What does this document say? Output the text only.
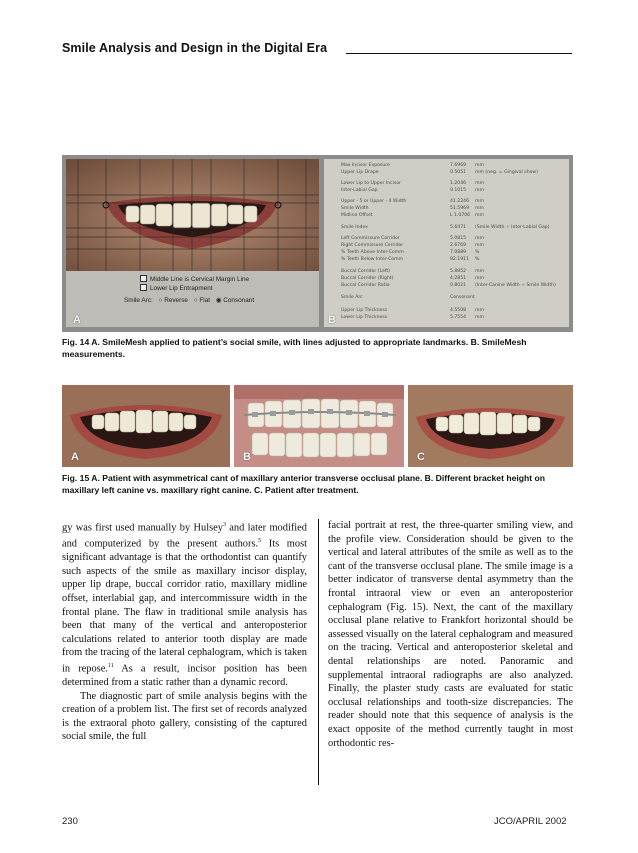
Smile Analysis and Design in the Digital Era
Middle Line is Cervical Margin Line
Lower Lip Entrapment
Smile Arc: ○ Reverse ○ Flat ◉ Consonant
A
Max Incisor Exposure	7.6969 mm
Upper Lip Drape	0.5051 mm (neg. = Gingival show)
Lower Lip to Upper Incisor	1.2046 mm
Inter-Labial Gap	9.1015 mm
Upper - 5 or Upper - 4 Width	41.2246 mm
Smile Width	51.5969 mm
Midline Offset	L 1.0706 mm
Smile Index	5.6471 (Smile Width ÷ Inter-Labial Gap)
Left Commissure Corridor	5.0815 mm
Right Commissure Corridor	2.6769 mm
% Teeth Above Inter-Comm	7.0889 %
% Teeth Below Inter-Comm	92.1911 %
Buccal Corridor (Left)	5.8852 mm
Buccal Corridor (Right)	4.2851 mm
Buccal Corridor Ratio	0.8021 (Inter-Canine Width ÷ Smile Width)
Smile Arc	Consonant
Upper Lip Thickness	4.5508 mm
Lower Lip Thickness	5.7554 mm
B
Fig. 14 A. SmileMesh applied to patient’s social smile, with lines adjusted to appropriate landmarks. B. SmileMesh measurements.
A	B	C
Fig. 15 A. Patient with asymmetrical cant of maxillary anterior transverse occlusal plane. B. Different bracket height on maxillary left canine vs. maxillary right canine. C. Patient after treatment.

gy was first used manually by Hulsey$^3$ and later modified and computerized by the present authors.$^5$ Its most significant advantage is that the orthodontist can quantify such aspects of the smile as maxillary incisor display, upper lip drape, buccal corridor ratio, maxillary midline offset, interlabial gap, and intercommissure width in the frontal plane. The flaw in traditional smile analysis has been that many of the vertical and anteroposterior calculations related to anterior tooth display are made from the tracing of the lateral cephalogram, which is taken in repose.$^{11}$ As a result, incisor position has been determined from a static rather than a dynamic record.

The diagnostic part of smile analysis begins with the creation of a problem list. The first set of records analyzed is the extraoral photo gallery, consisting of the captured social smile, the full

facial portrait at rest, the three-quarter smiling view, and the profile view. Consideration should be given to the vertical and lateral attributes of the smile as well as to the cant of the transverse occlusal plane. The smile image is a better indicator of transverse dental asymmetry than the frontal intraoral view or even an anteroposterior cephalogram (Fig. 15). Next, the cant of the maxillary occlusal plane relative to Frankfort horizontal should be assessed visually on the lateral cephalogram and measured on the tracing. Vertical and anteroposterior skeletal and dental relationships are noted. Panoramic and supplemental intraoral radiographs are also analyzed. Finally, the plaster study casts are evaluated for static occlusal relationships and tooth-size discrepancies. The reader should note that this sequence of analysis is the exact opposite of the method currently taught in most orthodontic res-

230	JCO/APRIL 2002
